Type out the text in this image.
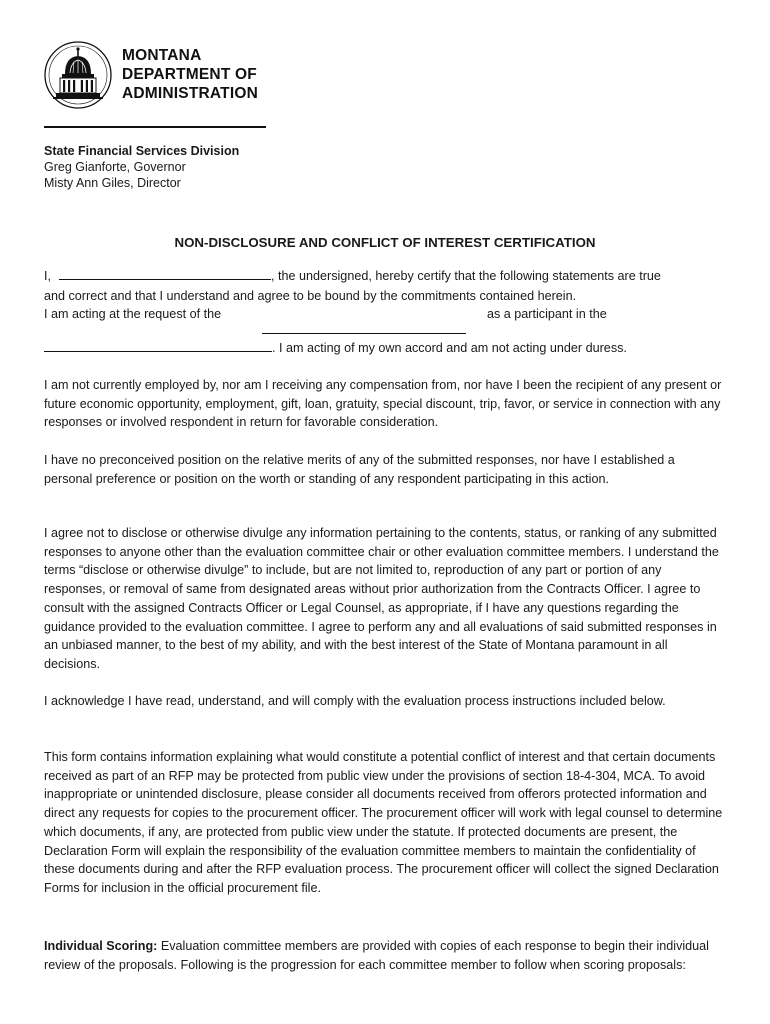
MONTANA
DEPARTMENT OF
ADMINISTRATION
State Financial Services Division
Greg Gianforte, Governor
Misty Ann Giles, Director
NON-DISCLOSURE AND CONFLICT OF INTEREST CERTIFICATION
I,	, the undersigned, hereby certify that the following statements are true
and correct and that I understand and agree to be bound by the commitments contained herein.
I am acting at the request of the	as a participant in the
. I am acting of my own accord and am not acting under duress.

I am not currently employed by, nor am I receiving any compensation from, nor have I been the recipient of any present or future economic opportunity, employment, gift, loan, gratuity, special discount, trip, favor, or service in connection with any responses or involved respondent in return for favorable consideration.

I have no preconceived position on the relative merits of any of the submitted responses, nor have I established a personal preference or position on the worth or standing of any respondent participating in this action.

I agree not to disclose or otherwise divulge any information pertaining to the contents, status, or ranking of any submitted responses to anyone other than the evaluation committee chair or other evaluation committee members. I understand the terms “disclose or otherwise divulge” to include, but are not limited to, reproduction of any part or portion of any responses, or removal of same from designated areas without prior authorization from the Contracts Officer. I agree to consult with the assigned Contracts Officer or Legal Counsel, as appropriate, if I have any questions regarding the guidance provided to the evaluation committee. I agree to perform any and all evaluations of said submitted responses in an unbiased manner, to the best of my ability, and with the best interest of the State of Montana paramount in all decisions.

I acknowledge I have read, understand, and will comply with the evaluation process instructions included below.

This form contains information explaining what would constitute a potential conflict of interest and that certain documents received as part of an RFP may be protected from public view under the provisions of section 18-4-304, MCA. To avoid inappropriate or unintended disclosure, please consider all documents received from offerors protected information and direct any requests for copies to the procurement officer. The procurement officer will work with legal counsel to determine which documents, if any, are protected from public view under the statute. If protected documents are present, the Declaration Form will explain the responsibility of the evaluation committee members to maintain the confidentiality of these documents during and after the RFP evaluation process. The procurement officer will collect the signed Declaration Forms for inclusion in the official procurement file.

Individual Scoring: Evaluation committee members are provided with copies of each response to begin their individual review of the proposals. Following is the progression for each committee member to follow when scoring proposals:
